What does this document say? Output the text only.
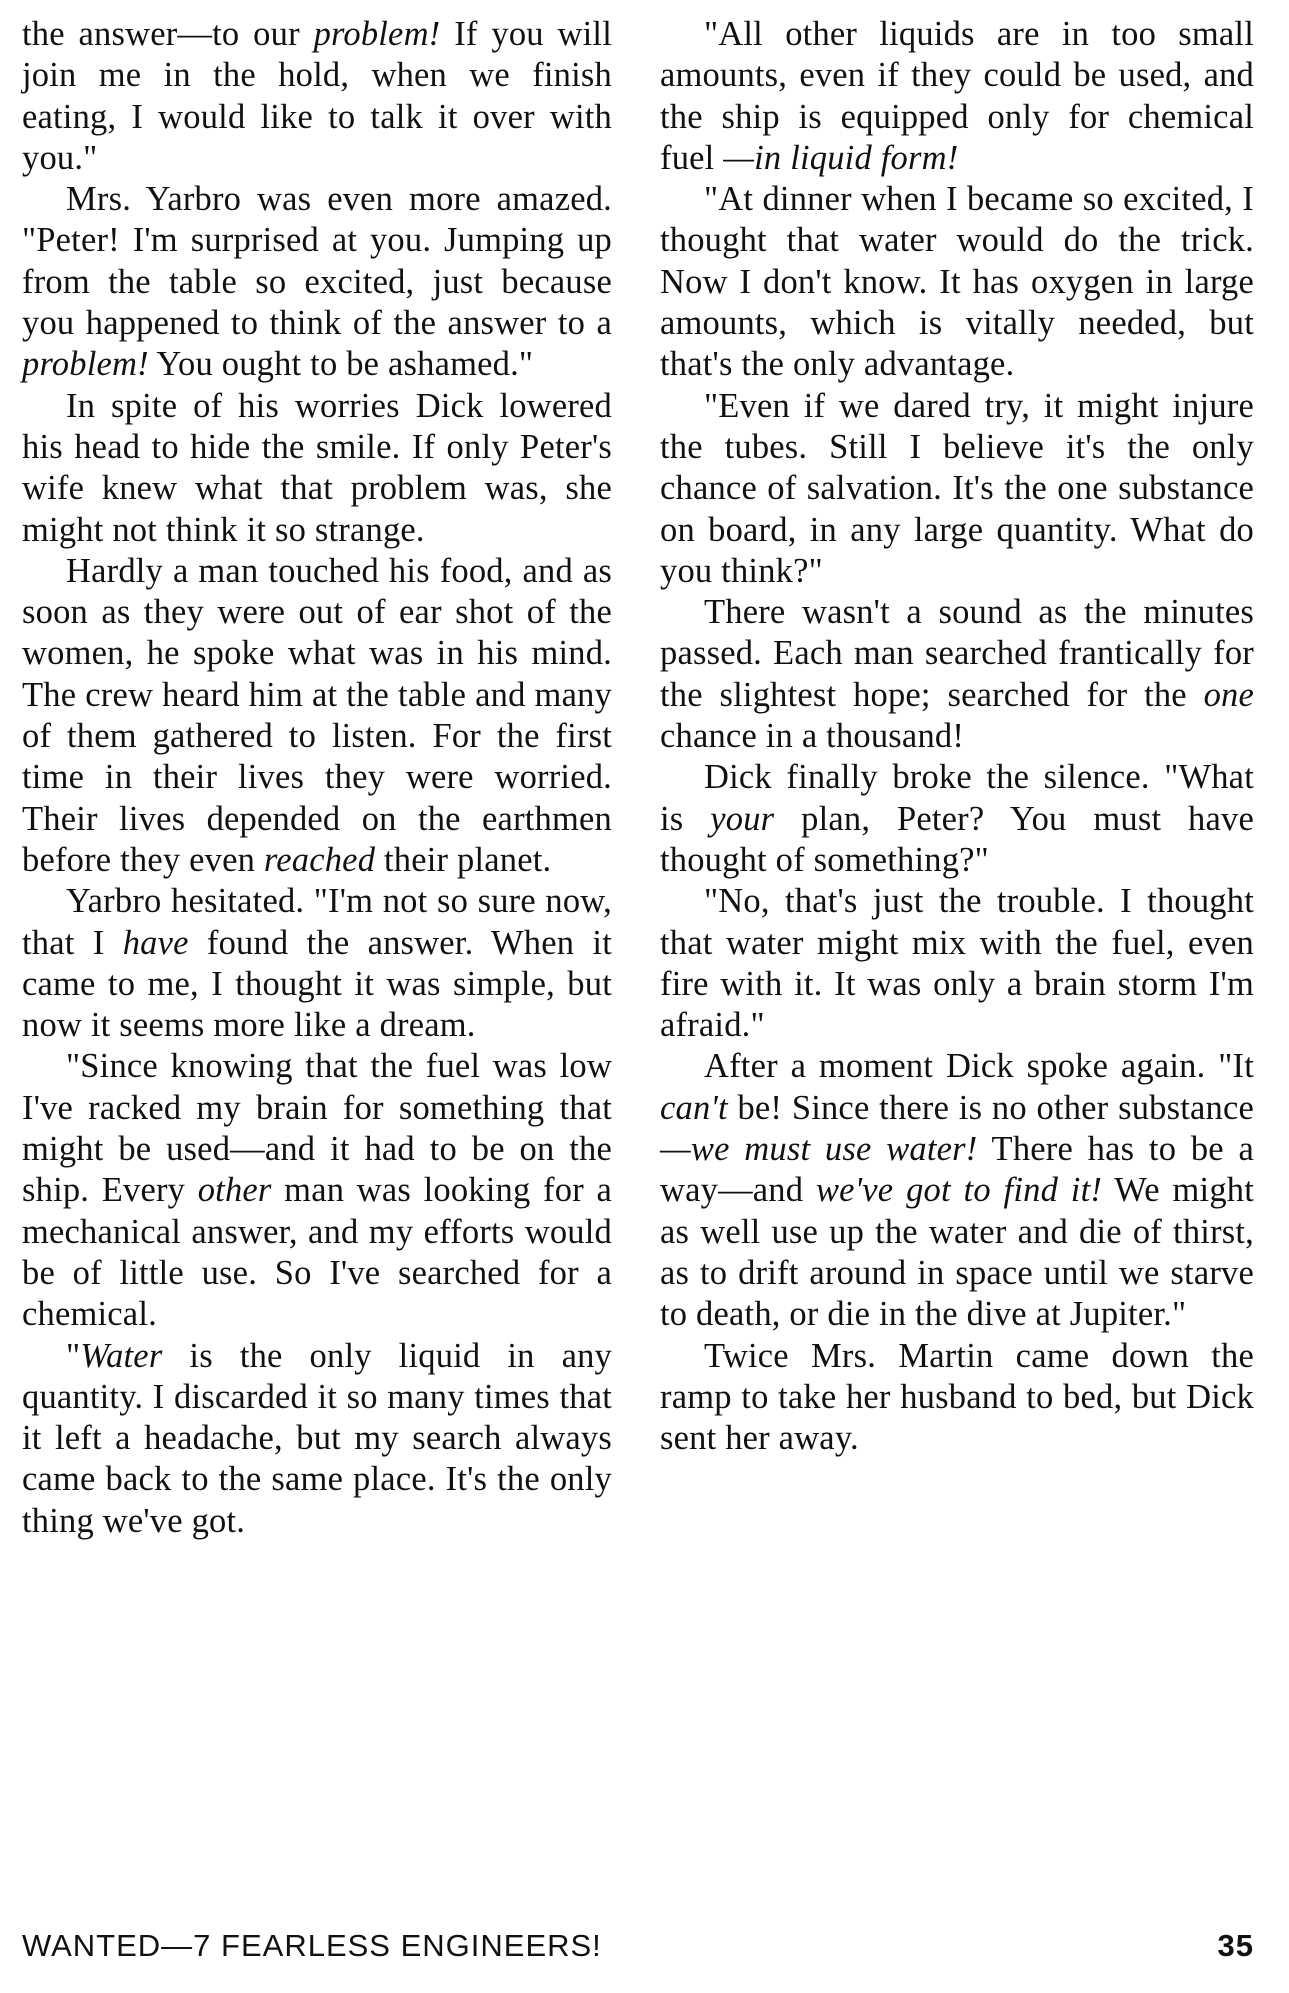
the answer—to our problem! If you will join me in the hold, when we finish eating, I would like to talk it over with you."

Mrs. Yarbro was even more amazed. "Peter! I'm surprised at you. Jumping up from the table so excited, just because you happened to think of the answer to a problem! You ought to be ashamed."

In spite of his worries Dick lowered his head to hide the smile. If only Peter's wife knew what that problem was, she might not think it so strange.

Hardly a man touched his food, and as soon as they were out of ear shot of the women, he spoke what was in his mind. The crew heard him at the table and many of them gathered to listen. For the first time in their lives they were worried. Their lives depended on the earthmen before they even reached their planet.

Yarbro hesitated. "I'm not so sure now, that I have found the answer. When it came to me, I thought it was simple, but now it seems more like a dream.

"Since knowing that the fuel was low I've racked my brain for something that might be used—and it had to be on the ship. Every other man was looking for a mechanical answer, and my efforts would be of little use. So I've searched for a chemical.

"Water is the only liquid in any quantity. I discarded it so many times that it left a headache, but my search always came back to the same place. It's the only thing we've got.

"All other liquids are in too small amounts, even if they could be used, and the ship is equipped only for chemical fuel —in liquid form!

"At dinner when I became so excited, I thought that water would do the trick. Now I don't know. It has oxygen in large amounts, which is vitally needed, but that's the only advantage.

"Even if we dared try, it might injure the tubes. Still I believe it's the only chance of salvation. It's the one substance on board, in any large quantity. What do you think?"

There wasn't a sound as the minutes passed. Each man searched frantically for the slightest hope; searched for the one chance in a thousand!

Dick finally broke the silence. "What is your plan, Peter? You must have thought of something?"

"No, that's just the trouble. I thought that water might mix with the fuel, even fire with it. It was only a brain storm I'm afraid."

After a moment Dick spoke again. "It can't be! Since there is no other substance—we must use water! There has to be a way—and we've got to find it! We might as well use up the water and die of thirst, as to drift around in space until we starve to death, or die in the dive at Jupiter."

Twice Mrs. Martin came down the ramp to take her husband to bed, but Dick sent her away.

WANTED—7 FEARLESS ENGINEERS!	35
